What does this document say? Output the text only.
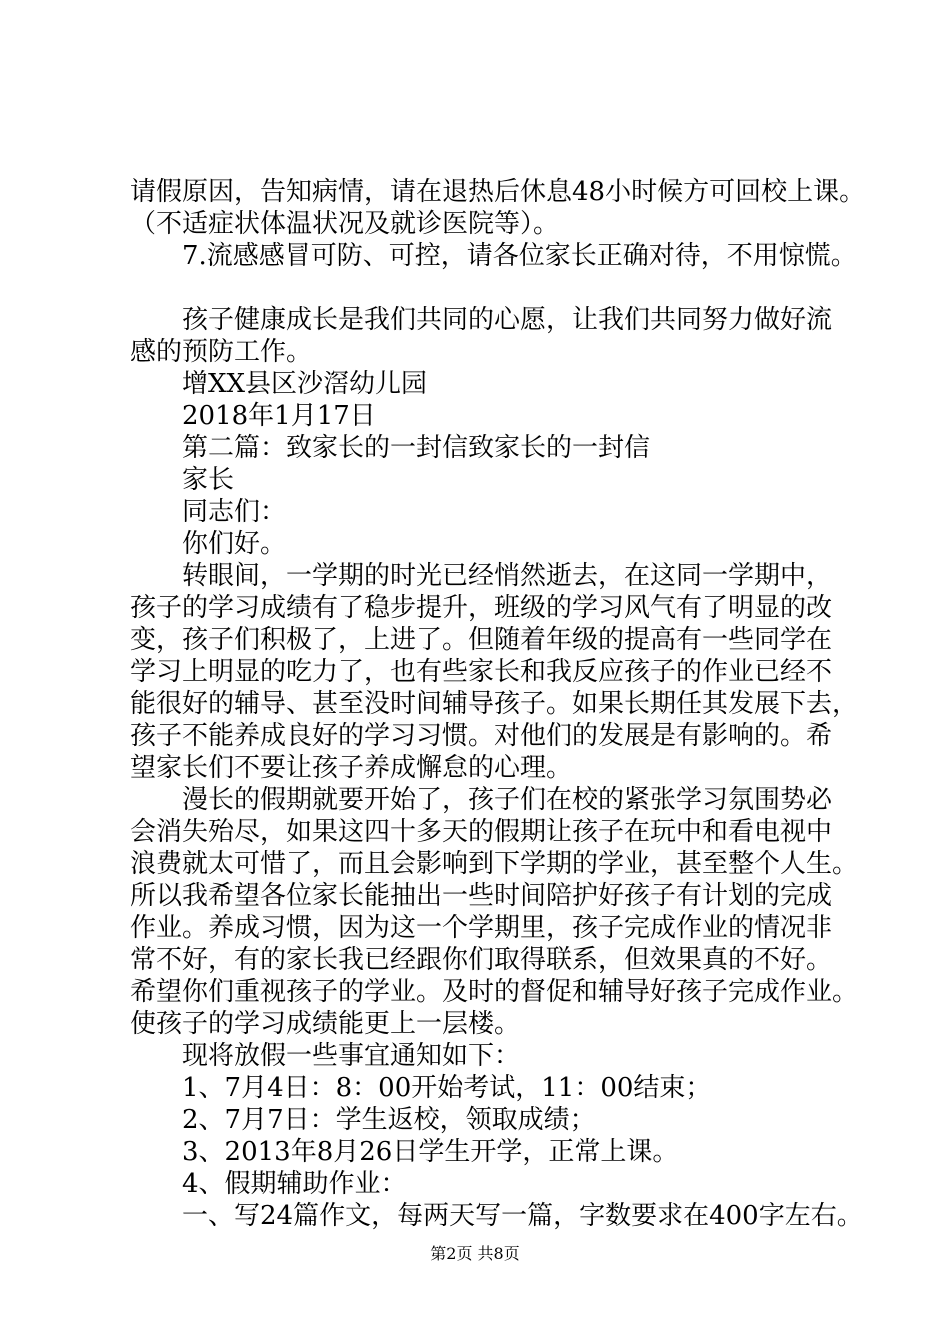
请假原因，告知病情，请在退热后休息48小时候方可回校上课。
（不适症状体温状况及就诊医院等）。
7.流感感冒可防、可控，请各位家长正确对待，不用惊慌。
孩子健康成长是我们共同的心愿，让我们共同努力做好流
感的预防工作。
增XX县区沙滘幼儿园
2018年1月17日
第二篇：致家长的一封信致家长的一封信
家长
同志们：
你们好。
转眼间，一学期的时光已经悄然逝去，在这同一学期中，
孩子的学习成绩有了稳步提升，班级的学习风气有了明显的改
变，孩子们积极了，上进了。但随着年级的提高有一些同学在
学习上明显的吃力了，也有些家长和我反应孩子的作业已经不
能很好的辅导、甚至没时间辅导孩子。如果长期任其发展下去，
孩子不能养成良好的学习习惯。对他们的发展是有影响的。希
望家长们不要让孩子养成懈怠的心理。
漫长的假期就要开始了，孩子们在校的紧张学习氛围势必
会消失殆尽，如果这四十多天的假期让孩子在玩中和看电视中
浪费就太可惜了，而且会影响到下学期的学业，甚至整个人生。
所以我希望各位家长能抽出一些时间陪护好孩子有计划的完成
作业。养成习惯，因为这一个学期里，孩子完成作业的情况非
常不好，有的家长我已经跟你们取得联系，但效果真的不好。
希望你们重视孩子的学业。及时的督促和辅导好孩子完成作业。
使孩子的学习成绩能更上一层楼。
现将放假一些事宜通知如下：
1、7月4日：8：00开始考试，11：00结束；
2、7月7日：学生返校，领取成绩；
3、2013年8月26日学生开学，正常上课。
4、假期辅助作业：
一、写24篇作文，每两天写一篇，字数要求在400字左右。
第2页 共8页
